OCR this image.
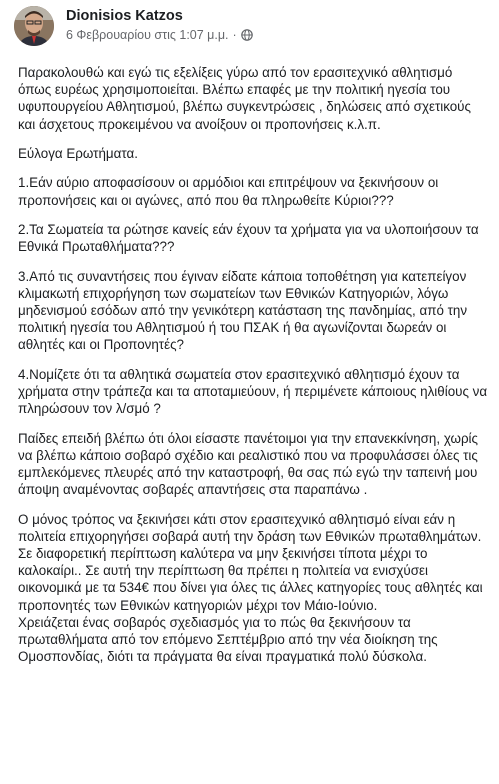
Dionisios Katzos
6 Φεβρουαρίου στις 1:07 μ.μ. ·

Παρακολουθώ και εγώ τις εξελίξεις γύρω από τον ερασιτεχνικό αθλητισμό όπως ευρέως χρησιμοποιείται. Βλέπω επαφές με την πολιτική ηγεσία του υφυπουργείου Αθλητισμού, βλέπω συγκεντρώσεις , δηλώσεις από σχετικούς και άσχετους προκειμένου να ανοίξουν οι προπονήσεις κ.λ.π.

Εύλογα Ερωτήματα.

1.Εάν αύριο αποφασίσουν οι αρμόδιοι και επιτρέψουν να ξεκινήσουν οι προπονήσεις και οι αγώνες, από που θα πληρωθείτε Κύριοι???

2.Τα Σωματεία τα ρώτησε κανείς εάν έχουν τα χρήματα για να υλοποιήσουν τα Εθνικά Πρωταθλήματα???

3.Από τις συναντήσεις που έγιναν είδατε κάποια τοποθέτηση για κατεπείγον κλιμακωτή επιχορήγηση των σωματείων των Εθνικών Κατηγοριών, λόγω μηδενισμού εσόδων από την γενικότερη κατάσταση της πανδημίας, από την πολιτική ηγεσία του Αθλητισμού ή του ΠΣΑΚ ή θα αγωνίζονται δωρεάν οι αθλητές και οι Προπονητές?

4.Νομίζετε ότι τα αθλητικά σωματεία στον ερασιτεχνικό αθλητισμό έχουν τα χρήματα στην τράπεζα και τα αποταμιεύουν, ή περιμένετε κάποιους ηλιθίους να πληρώσουν τον λ/σμό ?

Παίδες επειδή βλέπω ότι όλοι είσαστε πανέτοιμοι για την επανεκκίνηση, χωρίς να βλέπω κάποιο σοβαρό σχέδιο και ρεαλιστικό που να προφυλάσσει όλες τις εμπλεκόμενες πλευρές από την καταστροφή, θα σας πώ εγώ την ταπεινή μου άποψη αναμένοντας σοβαρές απαντήσεις στα παραπάνω .

Ο μόνος τρόπος να ξεκινήσει κάτι στον ερασιτεχνικό αθλητισμό είναι εάν η πολιτεία επιχορηγήσει σοβαρά αυτή την δράση των Εθνικών πρωταθλημάτων. Σε διαφορετική περίπτωση καλύτερα να μην ξεκινήσει τίποτα μέχρι το καλοκαίρι.. Σε αυτή την περίπτωση θα πρέπει η πολιτεία να ενισχύσει οικονομικά με τα 534€ που δίνει για όλες τις άλλες κατηγορίες τους αθλητές και προπονητές των Εθνικών κατηγοριών μέχρι τον Μάιο-Ιούνιο.

Χρειάζεται ένας σοβαρός σχεδιασμός για το πώς θα ξεκινήσουν τα πρωταθλήματα από τον επόμενο Σεπτέμβριο από την νέα διοίκηση της Ομοσπονδίας, διότι τα πράγματα θα είναι πραγματικά πολύ δύσκολα.
